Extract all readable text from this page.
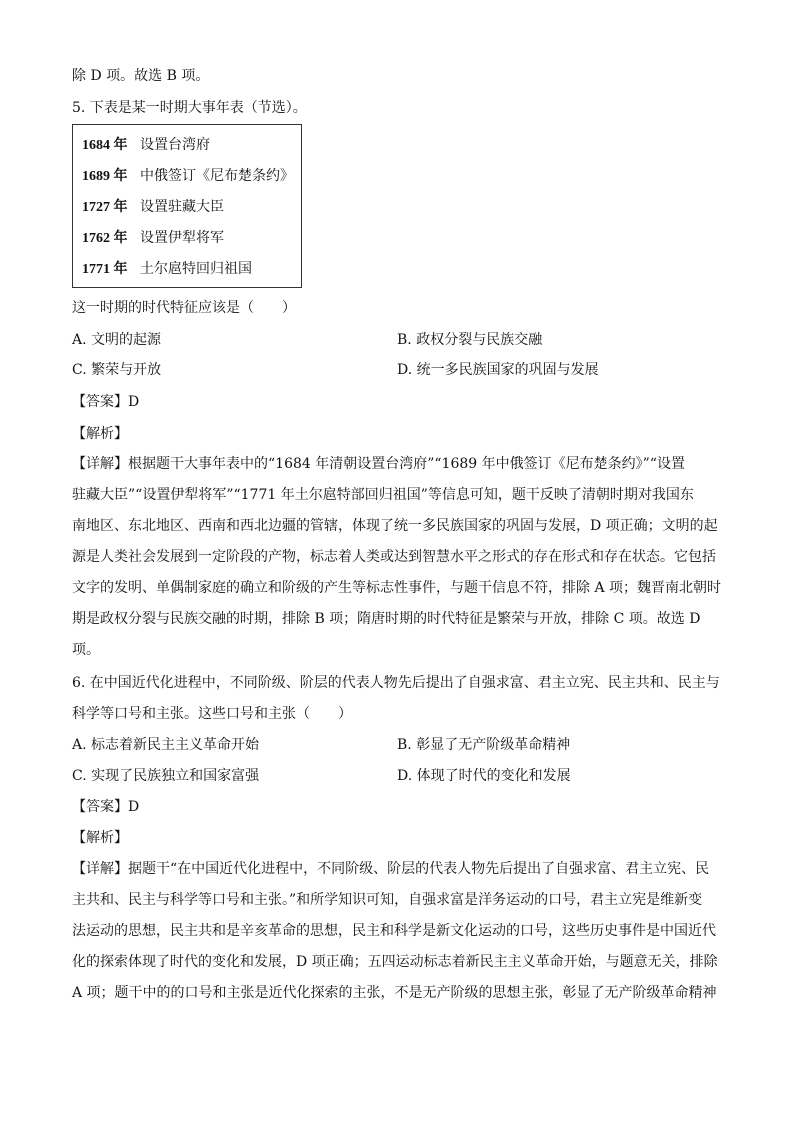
除 D 项。故选 B 项。
5. 下表是某一时期大事年表（节选）。
1684 年 设置台湾府
1689 年 中俄签订《尼布楚条约》
1727 年 设置驻藏大臣
1762 年 设置伊犁将军
1771 年 土尔扈特回归祖国
这一时期的时代特征应该是（　　）
A. 文明的起源	B. 政权分裂与民族交融
C. 繁荣与开放	D. 统一多民族国家的巩固与发展
【答案】D
【解析】
【详解】根据题干大事年表中的“1684 年清朝设置台湾府”“1689 年中俄签订《尼布楚条约》”“设置
驻藏大臣”“设置伊犁将军”“1771 年土尔扈特部回归祖国”等信息可知，题干反映了清朝时期对我国东
南地区、东北地区、西南和西北边疆的管辖，体现了统一多民族国家的巩固与发展，D 项正确；文明的起
源是人类社会发展到一定阶段的产物，标志着人类或达到智慧水平之形式的存在形式和存在状态。它包括
文字的发明、单偶制家庭的确立和阶级的产生等标志性事件，与题干信息不符，排除 A 项；魏晋南北朝时
期是政权分裂与民族交融的时期，排除 B 项；隋唐时期的时代特征是繁荣与开放，排除 C 项。故选 D
项。
6. 在中国近代化进程中，不同阶级、阶层的代表人物先后提出了自强求富、君主立宪、民主共和、民主与
科学等口号和主张。这些口号和主张（　　）
A. 标志着新民主主义革命开始	B. 彰显了无产阶级革命精神
C. 实现了民族独立和国家富强	D. 体现了时代的变化和发展
【答案】D
【解析】
【详解】据题干“在中国近代化进程中，不同阶级、阶层的代表人物先后提出了自强求富、君主立宪、民
主共和、民主与科学等口号和主张。”和所学知识可知，自强求富是洋务运动的口号，君主立宪是维新变
法运动的思想，民主共和是辛亥革命的思想，民主和科学是新文化运动的口号，这些历史事件是中国近代
化的探索体现了时代的变化和发展，D 项正确；五四运动标志着新民主主义革命开始，与题意无关，排除
A 项；题干中的的口号和主张是近代化探索的主张，不是无产阶级的思想主张，彰显了无产阶级革命精神
